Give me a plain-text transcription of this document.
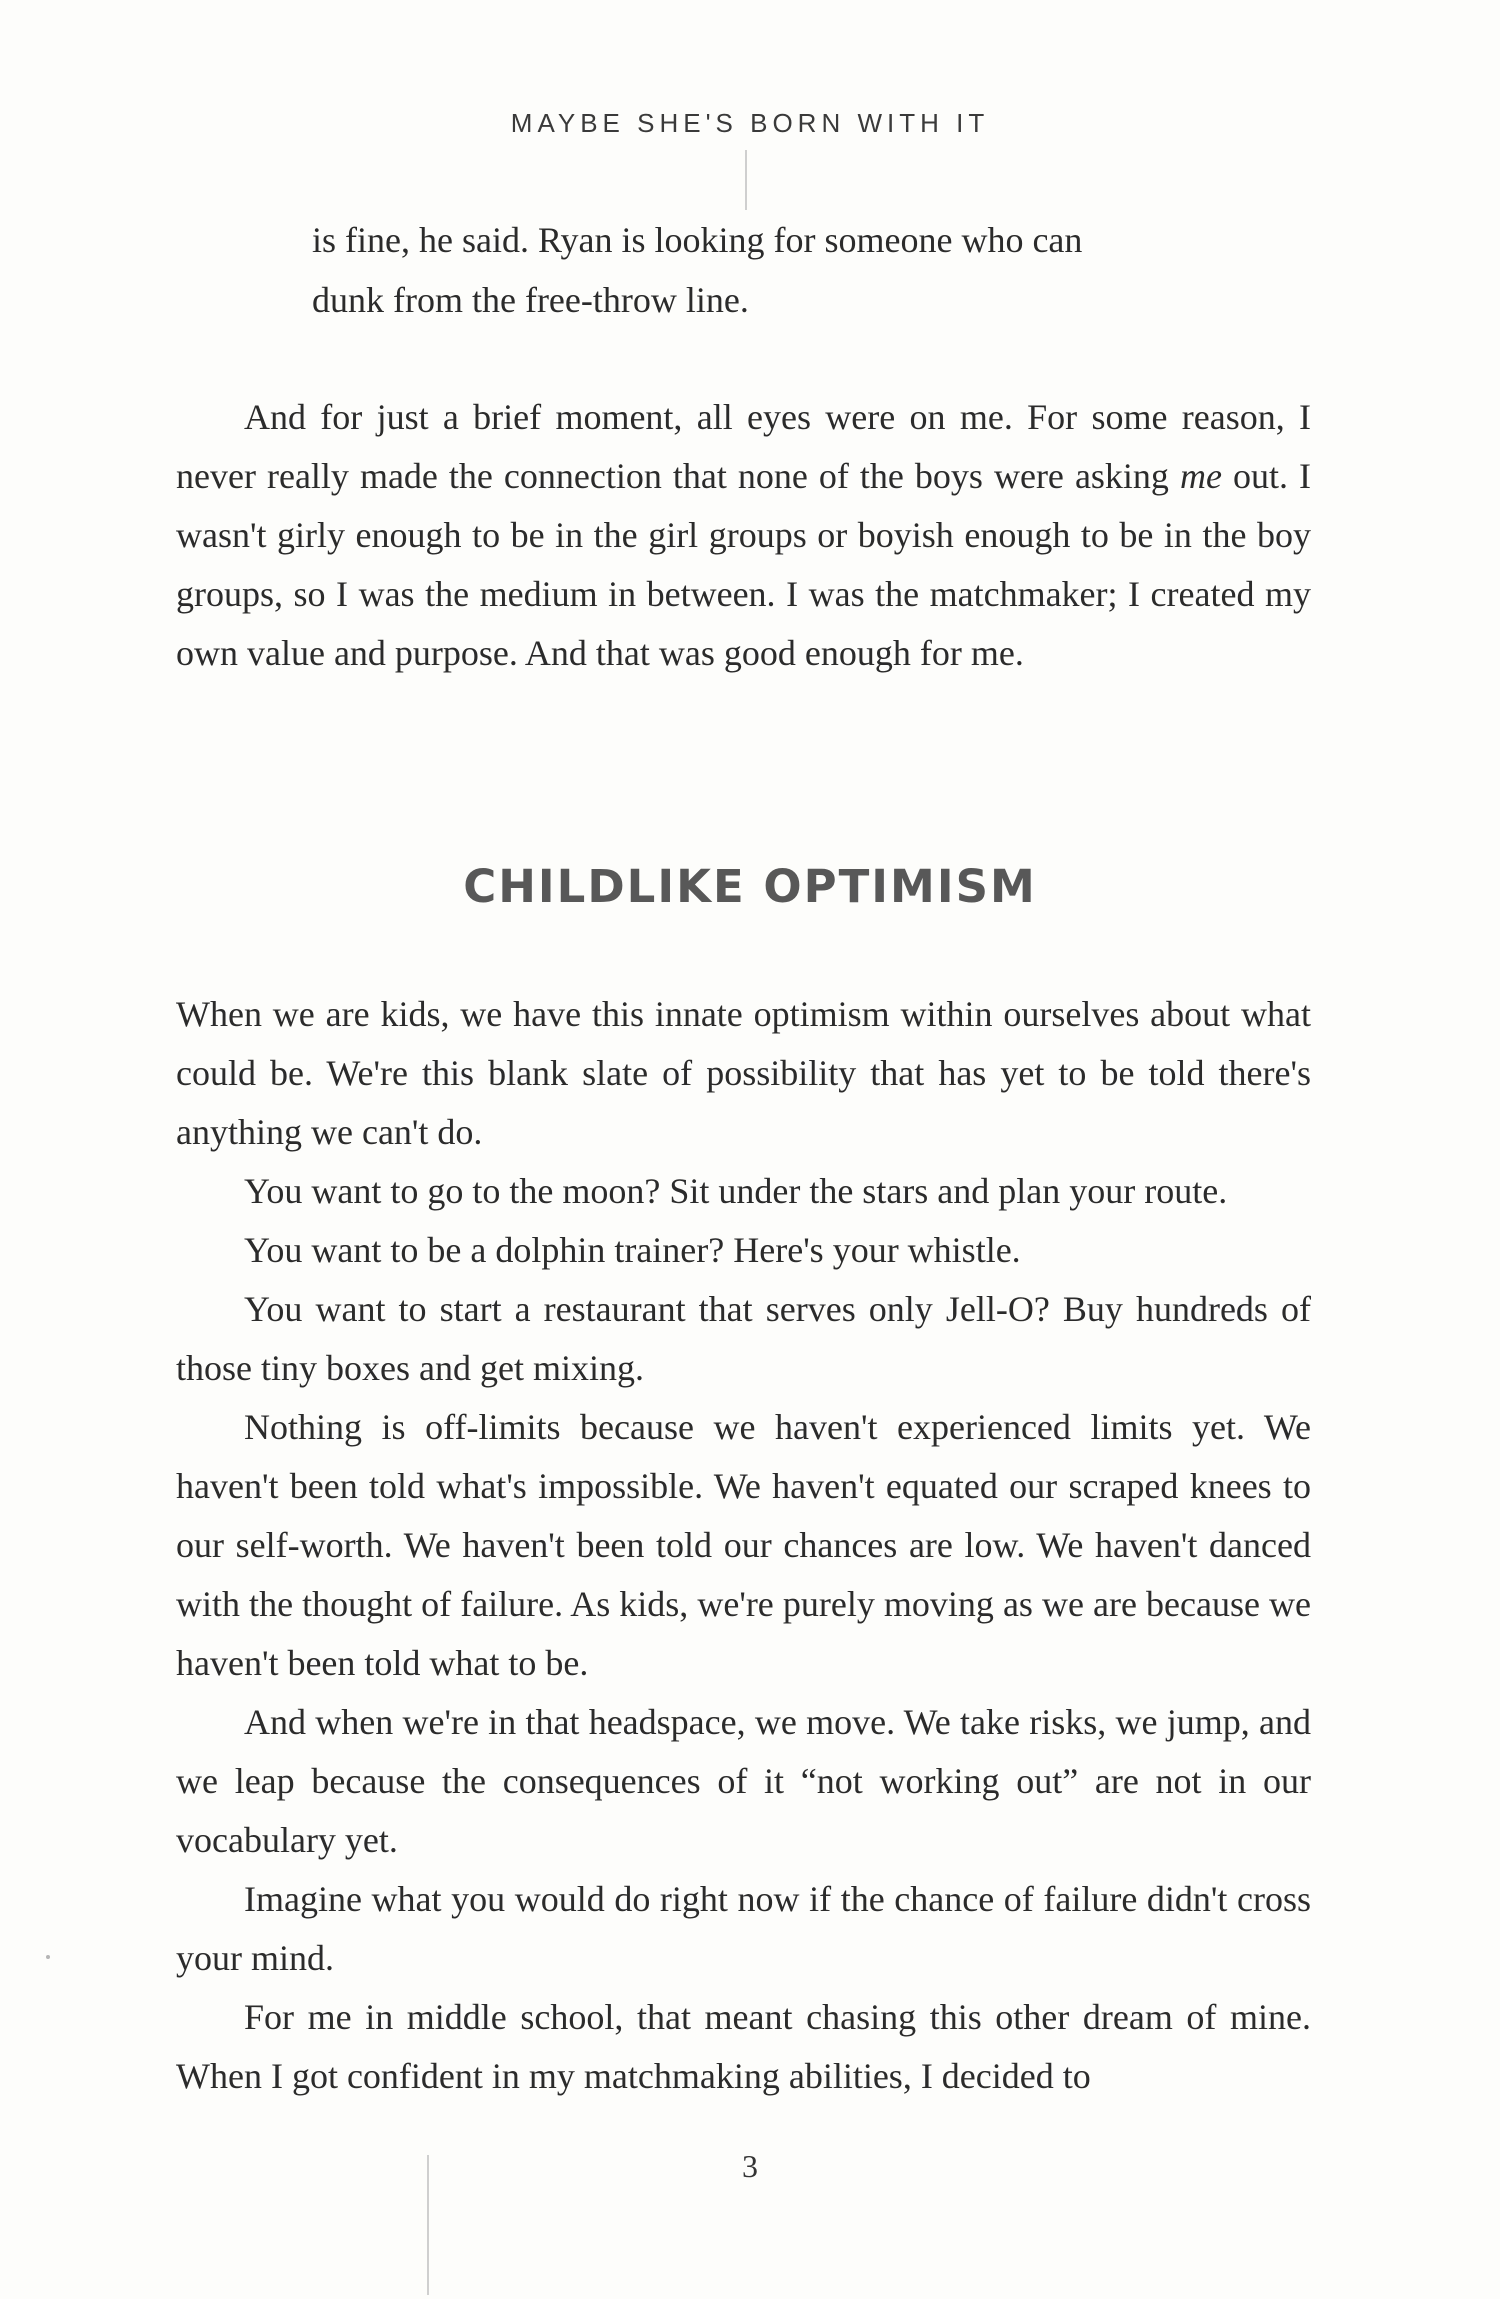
MAYBE SHE'S BORN WITH IT
is fine, he said. Ryan is looking for someone who can
dunk from the free-throw line.

And for just a brief moment, all eyes were on me. For some reason, I never really made the connection that none of the boys were asking me out. I wasn't girly enough to be in the girl groups or boyish enough to be in the boy groups, so I was the medium in between. I was the matchmaker; I created my own value and purpose. And that was good enough for me.

CHILDLIKE OPTIMISM

When we are kids, we have this innate optimism within ourselves about what could be. We're this blank slate of possibility that has yet to be told there's anything we can't do.

You want to go to the moon? Sit under the stars and plan your route.

You want to be a dolphin trainer? Here's your whistle.

You want to start a restaurant that serves only Jell-O? Buy hundreds of those tiny boxes and get mixing.

Nothing is off-limits because we haven't experienced limits yet. We haven't been told what's impossible. We haven't equated our scraped knees to our self-worth. We haven't been told our chances are low. We haven't danced with the thought of failure. As kids, we're purely moving as we are because we haven't been told what to be.

And when we're in that headspace, we move. We take risks, we jump, and we leap because the consequences of it “not working out” are not in our vocabulary yet.

Imagine what you would do right now if the chance of failure didn't cross your mind.

For me in middle school, that meant chasing this other dream of mine. When I got confident in my matchmaking abilities, I decided to

3
